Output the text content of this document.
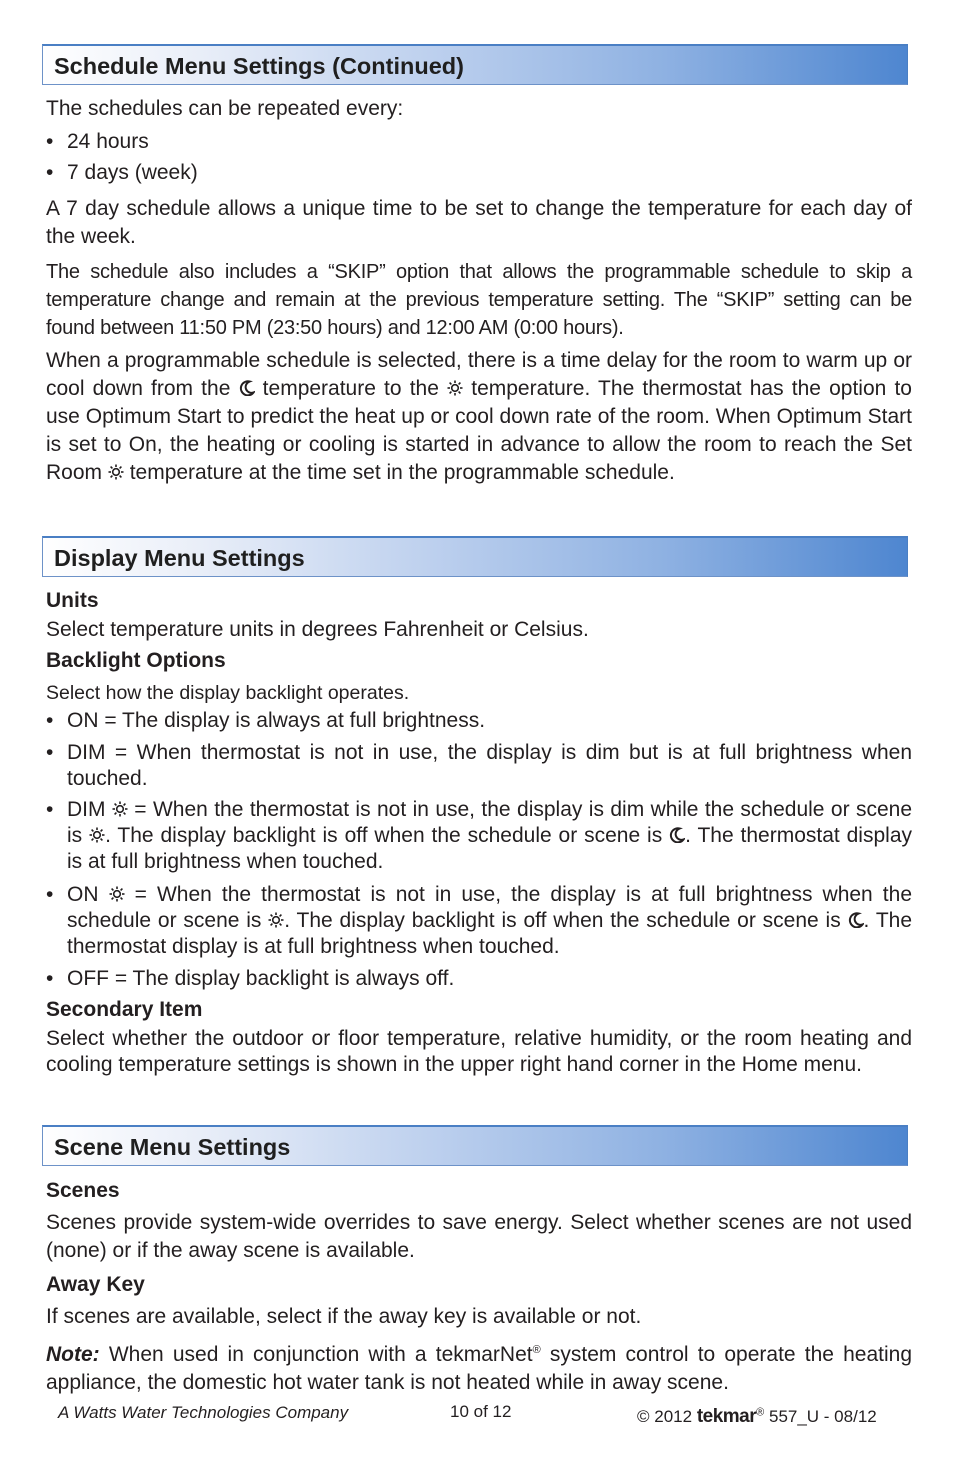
Schedule Menu Settings (Continued)

The schedules can be repeated every:

• 24 hours
• 7 days (week)

A 7 day schedule allows a unique time to be set to change the temperature for each day of the week.

The schedule also includes a “SKIP” option that allows the programmable schedule to skip a temperature change and remain at the previous temperature setting. The “SKIP” setting can be found between 11:50 PM (23:50 hours) and 12:00 AM (0:00 hours).

When a programmable schedule is selected, there is a time delay for the room to warm up or cool down from the  temperature to the  temperature. The thermostat has the option to use Optimum Start to predict the heat up or cool down rate of the room. When Optimum Start is set to On, the heating or cooling is started in advance to allow the room to reach the Set Room  temperature at the time set in the programmable schedule.

Display Menu Settings

Units

Select temperature units in degrees Fahrenheit or Celsius.

Backlight Options

Select how the display backlight operates.

• ON = The display is always at full brightness.
• DIM = When thermostat is not in use, the display is dim but is at full brightness when touched.
• DIM  = When the thermostat is not in use, the display is dim while the schedule or scene is . The display backlight is off when the schedule or scene is . The thermostat display is at full brightness when touched.
• ON  = When the thermostat is not in use, the display is at full brightness when the schedule or scene is . The display backlight is off when the schedule or scene is . The thermostat display is at full brightness when touched.
• OFF = The display backlight is always off.

Secondary Item

Select whether the outdoor or floor temperature, relative humidity, or the room heating and cooling temperature settings is shown in the upper right hand corner in the Home menu.

Scene Menu Settings

Scenes

Scenes provide system-wide overrides to save energy. Select whether scenes are not used (none) or if the away scene is available.

Away Key

If scenes are available, select if the away key is available or not.

Note: When used in conjunction with a tekmarNet® system control to operate the heating appliance, the domestic hot water tank is not heated while in away scene.

A Watts Water Technologies Company	10 of 12	© 2012 tekmar® 557_U - 08/12
